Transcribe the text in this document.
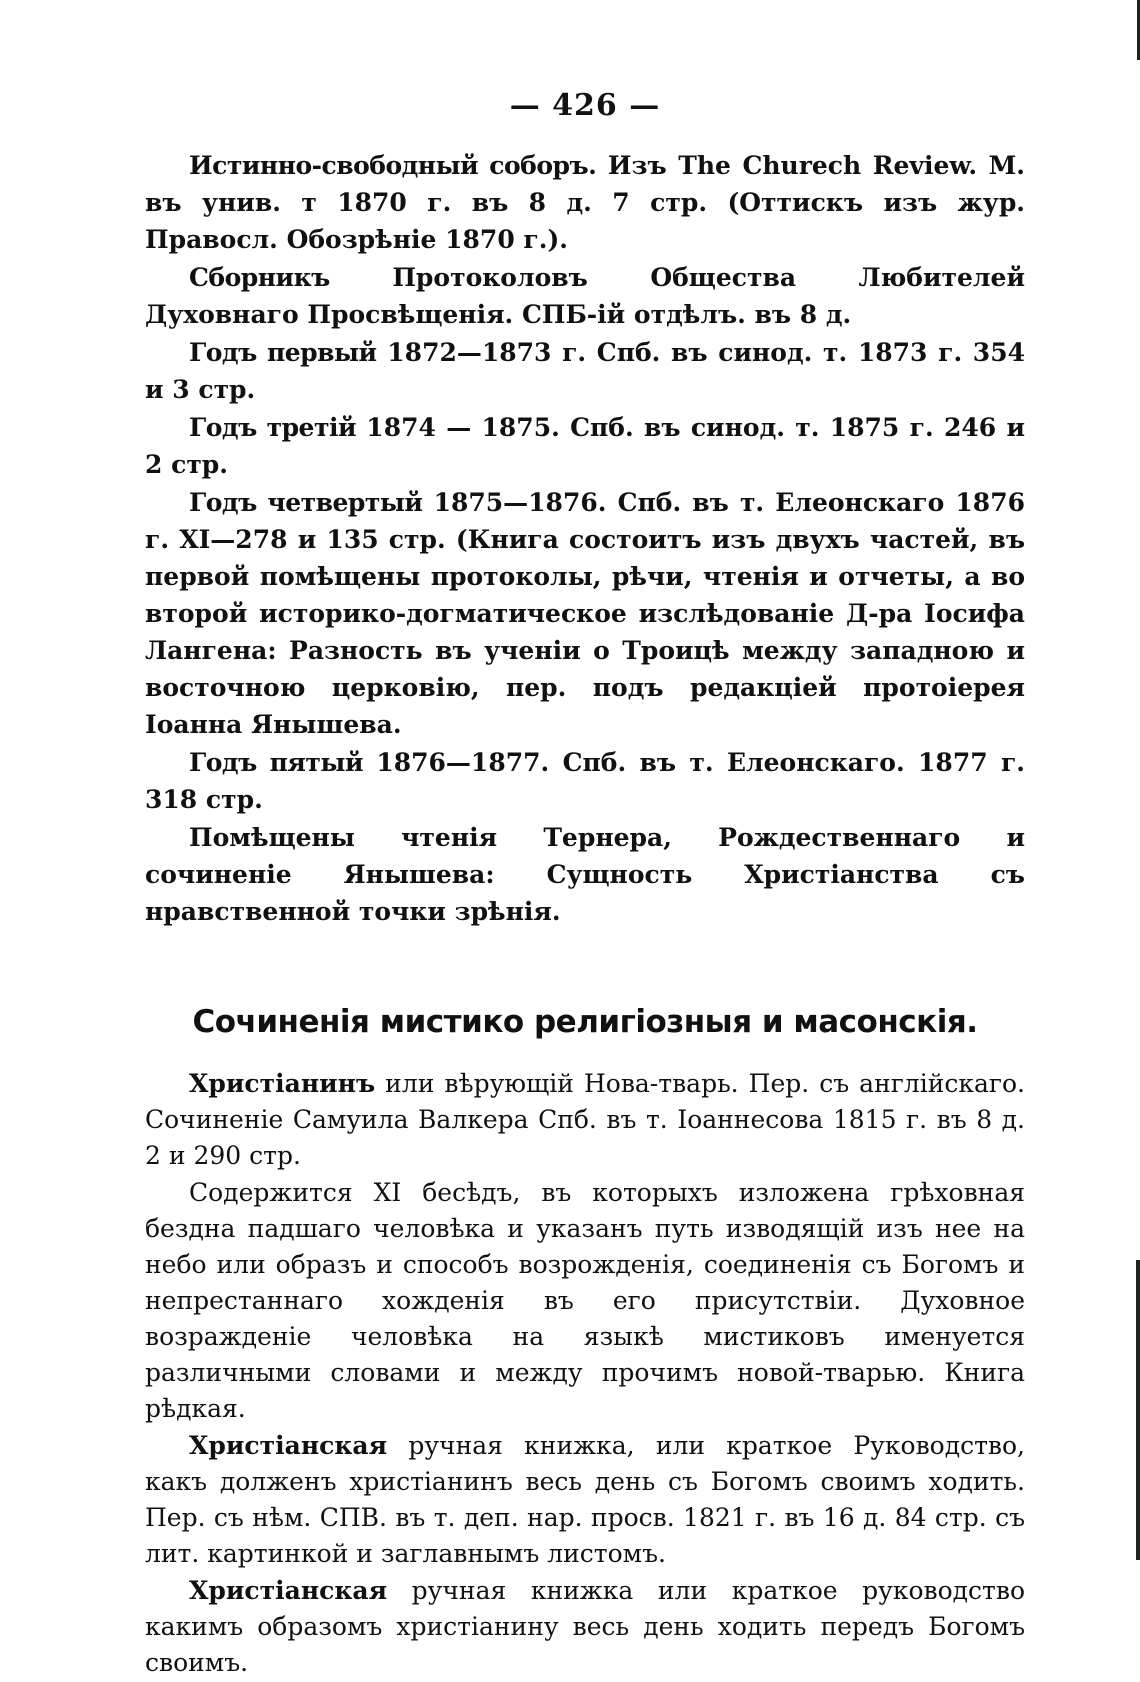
— 426 —

Истинно-свободный соборъ. Изъ The Churech Review. М. въ унив. т 1870 г. въ 8 д. 7 стр. (Оттискъ изъ жур. Правосл. Обозрѣніе 1870 г.).

Сборникъ Протоколовъ Общества Любителей Духовнаго Просвѣщенія. СПБ-ій отдѣлъ. въ 8 д.

Годъ первый 1872—1873 г. Спб. въ синод. т. 1873 г. 354 и 3 стр.

Годъ третій 1874 — 1875. Спб. въ синод. т. 1875 г. 246 и 2 стр.

Годъ четвертый 1875—1876. Спб. въ т. Елеонскаго 1876 г. XI—278 и 135 стр. (Книга состоитъ изъ двухъ частей, въ первой помѣщены протоколы, рѣчи, чтенія и отчеты, а во второй историко-догматическое изслѣдованіе Д-ра Іосифа Лангена: Разность въ ученіи о Троицѣ между западною и восточною церковію, пер. подъ редакціей протоіерея Іоанна Янышева.

Годъ пятый 1876—1877. Спб. въ т. Елеонскаго. 1877 г. 318 стр.

Помѣщены чтенія Тернера, Рождественнаго и сочиненіе Янышева: Сущность Христіанства съ нравственной точки зрѣнія.

Сочиненія мистико религіозныя и масонскія.

Христіанинъ или вѣрующій Нова-тварь. Пер. съ англійскаго. Сочиненіе Самуила Валкера Спб. въ т. Іоаннесова 1815 г. въ 8 д. 2 и 290 стр.

Содержится XI бесѣдъ, въ которыхъ изложена грѣховная бездна падшаго человѣка и указанъ путь изводящій изъ нее на небо или образъ и способъ возрожденія, соединенія съ Богомъ и непрестаннаго хожденія въ его присутствіи. Духовное возражденіе человѣка на языкѣ мистиковъ именуется различными словами и между прочимъ новой-тварью. Книга рѣдкая.

Христіанская ручная книжка, или краткое Руководство, какъ долженъ христіанинъ весь день съ Богомъ своимъ ходить. Пер. съ нѣм. СПВ. въ т. деп. нар. просв. 1821 г. въ 16 д. 84 стр. съ лит. картинкой и заглавнымъ листомъ.

Христіанская ручная книжка или краткое руководство какимъ образомъ христіанину весь день ходить передъ Богомъ своимъ.
